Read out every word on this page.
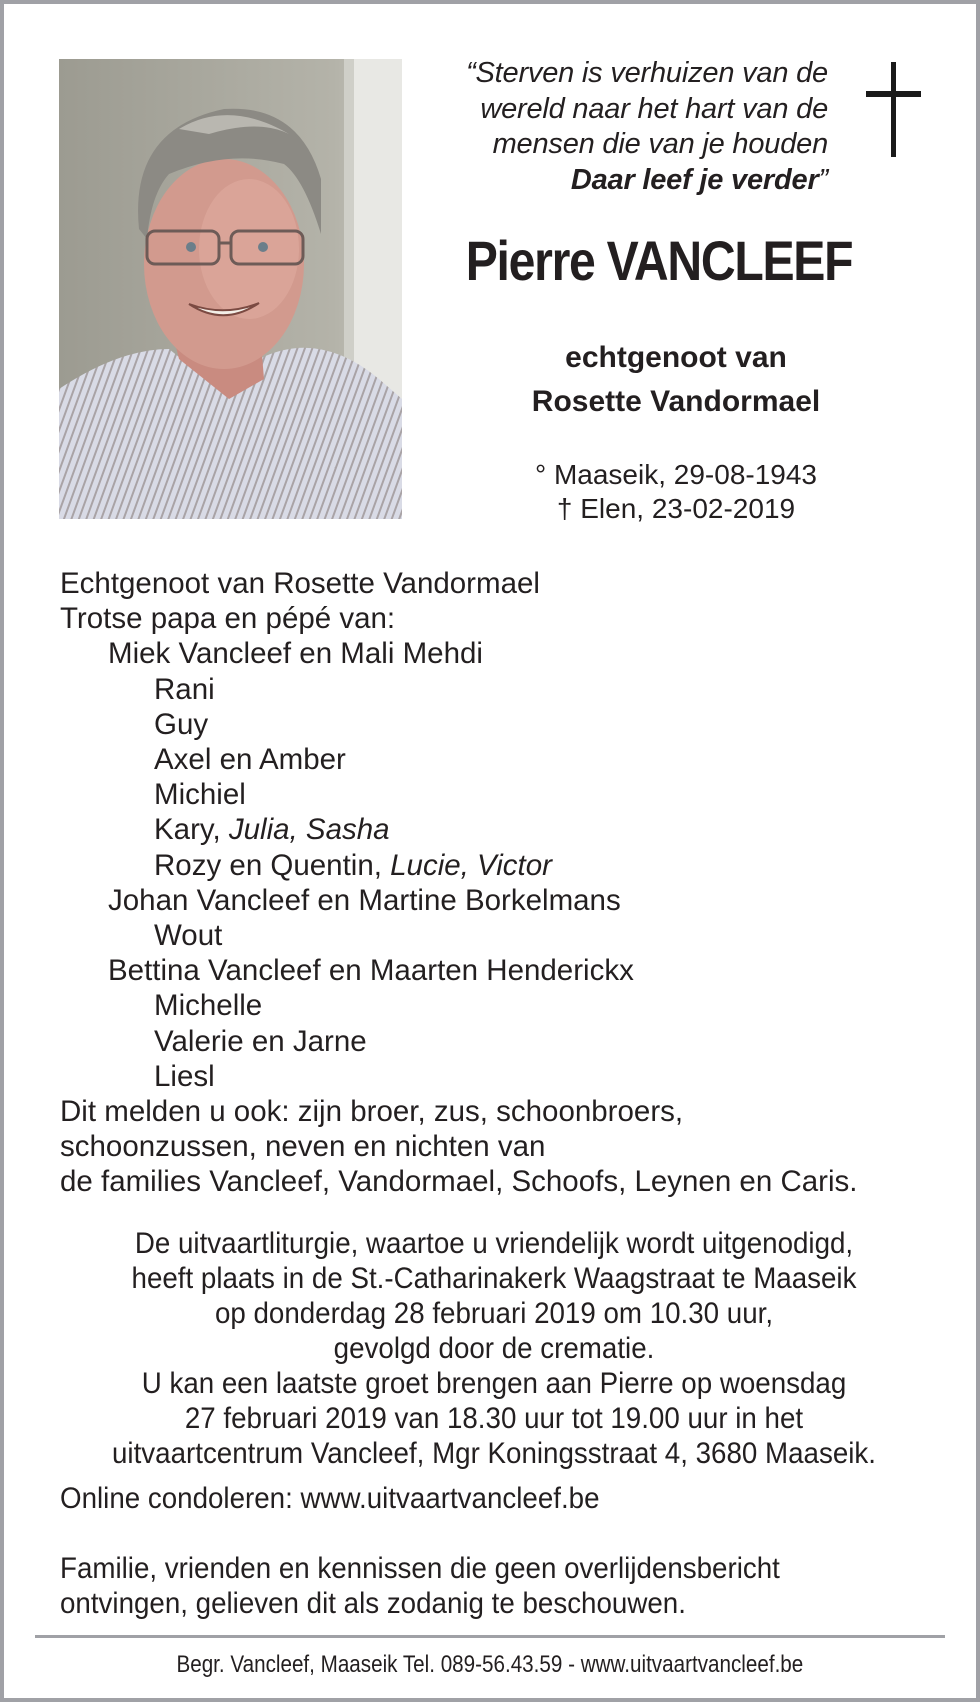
“Sterven is verhuizen van de
wereld naar het hart van de
mensen die van je houden
Daar leef je verder”
Pierre VANCLEEF
echtgenoot van
Rosette Vandormael
° Maaseik, 29-08-1943
† Elen, 23-02-2019
Echtgenoot van Rosette Vandormael
Trotse papa en pépé van:
Miek Vancleef en Mali Mehdi
Rani
Guy
Axel en Amber
Michiel
Kary, Julia, Sasha
Rozy en Quentin, Lucie, Victor
Johan Vancleef en Martine Borkelmans
Wout
Bettina Vancleef en Maarten Henderickx
Michelle
Valerie en Jarne
Liesl
Dit melden u ook: zijn broer, zus, schoonbroers,
schoonzussen, neven en nichten van
de families Vancleef, Vandormael, Schoofs, Leynen en Caris.
De uitvaartliturgie, waartoe u vriendelijk wordt uitgenodigd,
heeft plaats in de St.-Catharinakerk Waagstraat te Maaseik
op donderdag 28 februari 2019 om 10.30 uur,
gevolgd door de crematie.
U kan een laatste groet brengen aan Pierre op woensdag
27 februari 2019 van 18.30 uur tot 19.00 uur in het
uitvaartcentrum Vancleef, Mgr Koningsstraat 4, 3680 Maaseik.
Online condoleren: www.uitvaartvancleef.be
Familie, vrienden en kennissen die geen overlijdensbericht
ontvingen, gelieven dit als zodanig te beschouwen.
Begr. Vancleef, Maaseik Tel. 089-56.43.59 - www.uitvaartvancleef.be
